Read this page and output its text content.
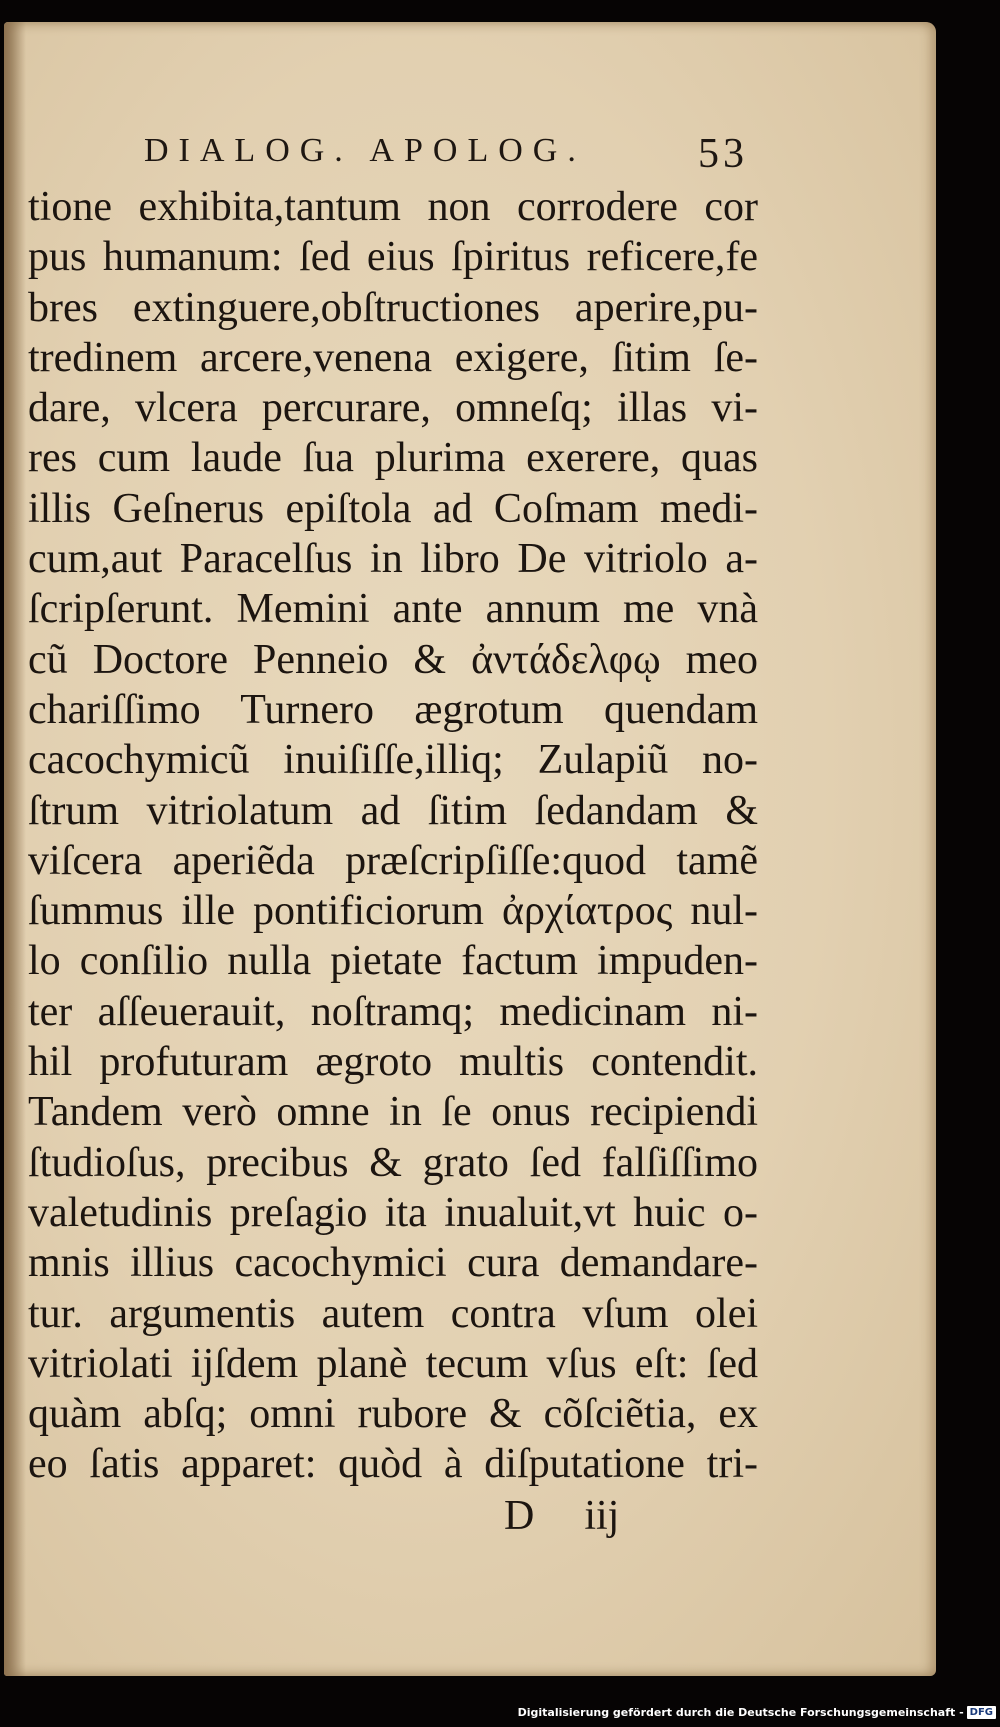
DIALOG. APOLOG.	53
tione exhibita,tantum non corrodere cor
pus humanum: ſed eius ſpiritus reficere,fe
bres extinguere,obſtructiones aperire,pu-
tredinem arcere,venena exigere, ſitim ſe-
dare, vlcera percurare, omneſq; illas vi-
res cum laude ſua plurima exerere, quas
illis Geſnerus epiſtola ad Coſmam medi-
cum,aut Paracelſus in libro De vitriolo a-
ſcripſerunt. Memini ante annum me vnà
cũ Doctore Penneio & ἀντάδελφῳ meo
chariſſimo Turnero ægrotum quendam
cacochymicũ inuiſiſſe,illiq; Zulapiũ no-
ſtrum vitriolatum ad ſitim ſedandam &
viſcera aperiẽda præſcripſiſſe:quod tamẽ
ſummus ille pontificiorum ἀρχίατρος nul-
lo conſilio nulla pietate factum impuden-
ter aſſeuerauit, noſtramq; medicinam ni-
hil profuturam ægroto multis contendit.
Tandem verò omne in ſe onus recipiendi
ſtudioſus, precibus & grato ſed falſiſſimo
valetudinis preſagio ita inualuit,vt huic o-
mnis illius cacochymici cura demandare-
tur. argumentis autem contra vſum olei
vitriolati ijſdem planè tecum vſus eſt: ſed
quàm abſq; omni rubore & cõſciẽtia, ex
eo ſatis apparet: quòd à diſputatione tri-
D iij
Digitalisierung gefördert durch die Deutsche Forschungsgemeinschaft - DFG
